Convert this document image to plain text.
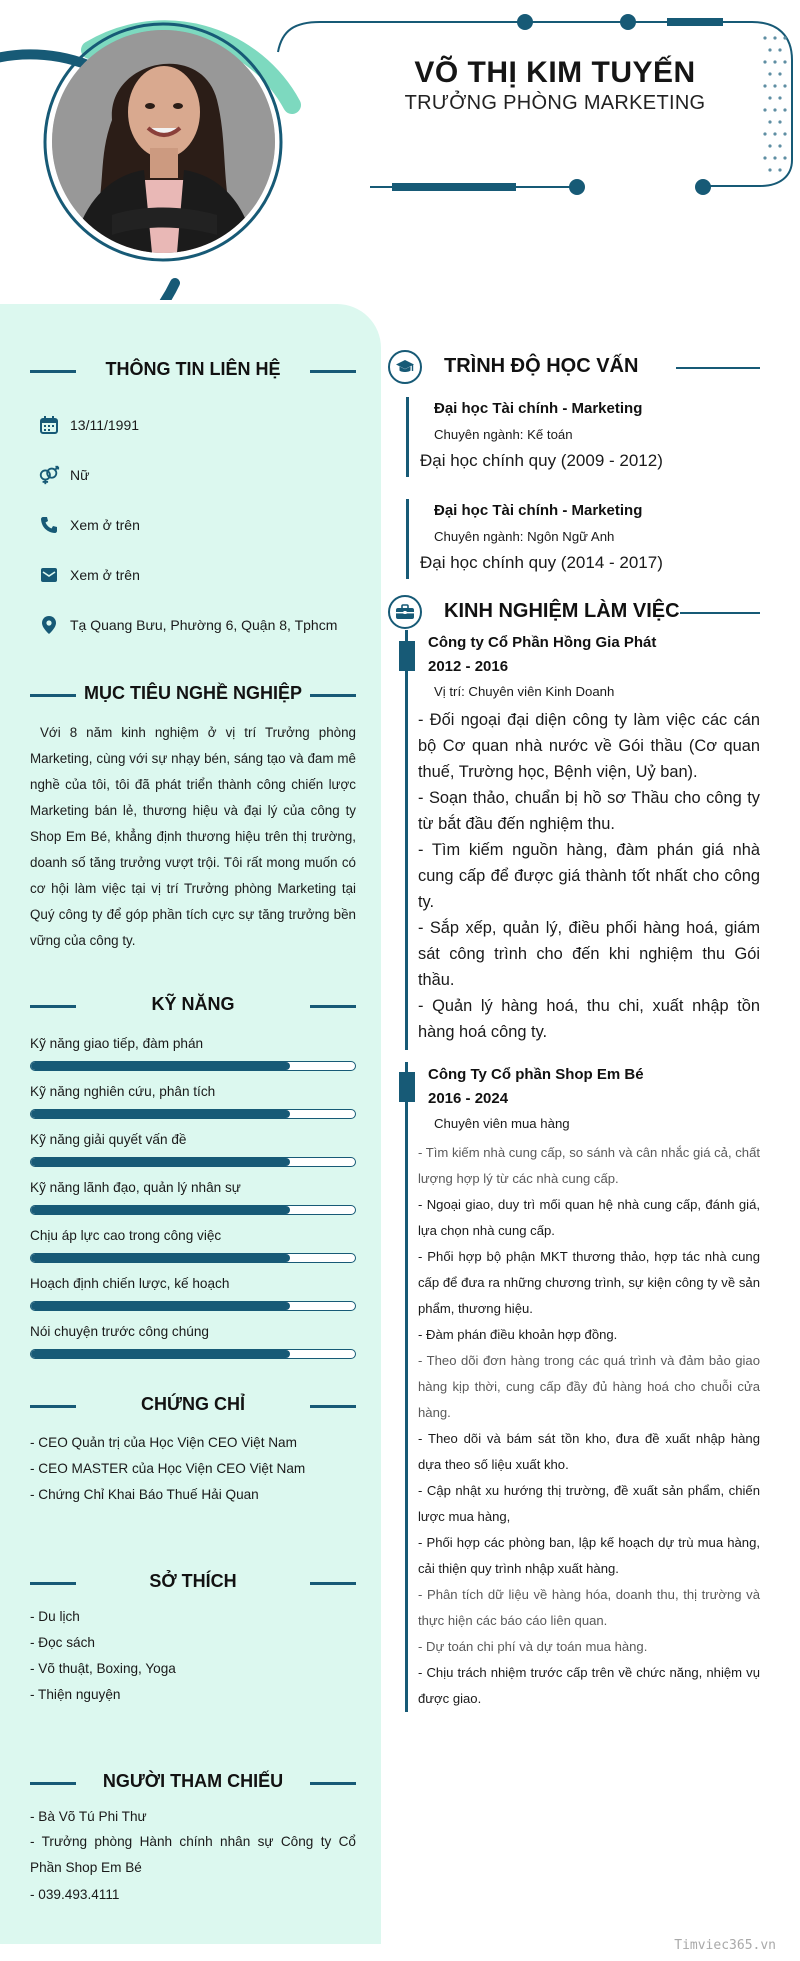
VÕ THỊ KIM TUYẾN
TRƯỞNG PHÒNG MARKETING
THÔNG TIN LIÊN HỆ
13/11/1991
Nữ
Xem ở trên
Xem ở trên
Tạ Quang Bưu, Phường 6, Quận 8, Tphcm
MỤC TIÊU NGHỀ NGHIỆP
Với 8 năm kinh nghiệm ở vị trí Trưởng phòng Marketing, cùng với sự nhạy bén, sáng tạo và đam mê nghề của tôi, tôi đã phát triển thành công chiến lược Marketing bán lẻ, thương hiệu và đại lý của công ty Shop Em Bé, khẳng định thương hiệu trên thị trường, doanh số tăng trưởng vượt trội. Tôi rất mong muốn có cơ hội làm việc tại vị trí Trưởng phòng Marketing tại Quý công ty để góp phần tích cực sự tăng trưởng bền vững của công ty.
KỸ NĂNG
Kỹ năng giao tiếp, đàm phán
Kỹ năng nghiên cứu, phân tích
Kỹ năng giải quyết vấn đề
Kỹ năng lãnh đạo, quản lý nhân sự
Chịu áp lực cao trong công việc
Hoạch định chiến lược, kế hoạch
Nói chuyện trước công chúng
CHỨNG CHỈ
- CEO Quản trị của Học Viện CEO Việt Nam
- CEO MASTER của Học Viện CEO Việt Nam
- Chứng Chỉ Khai Báo Thuế Hải Quan
SỞ THÍCH
- Du lịch
- Đọc sách
- Võ thuật, Boxing, Yoga
- Thiện nguyện
NGƯỜI THAM CHIẾU
- Bà Võ Tú Phi Thư
- Trưởng phòng Hành chính nhân sự Công ty Cổ Phần Shop Em Bé
- 039.493.4111
TRÌNH ĐỘ HỌC VẤN
Đại học Tài chính - Marketing
Chuyên ngành: Kế toán
Đại học chính quy (2009 - 2012)
Đại học Tài chính - Marketing
Chuyên ngành: Ngôn Ngữ Anh
Đại học chính quy (2014 - 2017)
KINH NGHIỆM LÀM VIỆC
Công ty Cổ Phần Hồng Gia Phát
2012 - 2016
Vị trí: Chuyên viên Kinh Doanh
- Đối ngoại đại diện công ty làm việc các cán bộ Cơ quan nhà nước về Gói thầu (Cơ quan thuế, Trường học, Bệnh viện, Uỷ ban).
- Soạn thảo, chuẩn bị hồ sơ Thầu cho công ty từ bắt đầu đến nghiệm thu.
- Tìm kiếm nguồn hàng, đàm phán giá nhà cung cấp để được giá thành tốt nhất cho công ty.
- Sắp xếp, quản lý, điều phối hàng hoá, giám sát công trình cho đến khi nghiệm thu Gói thầu.
- Quản lý hàng hoá, thu chi, xuất nhập tồn hàng hoá công ty.
Công Ty Cổ phần Shop Em Bé
2016 - 2024
Chuyên viên mua hàng
- Tìm kiếm nhà cung cấp, so sánh và cân nhắc giá cả, chất lượng hợp lý từ các nhà cung cấp.
- Ngoại giao, duy trì mối quan hệ nhà cung cấp, đánh giá, lựa chọn nhà cung cấp.
- Phối hợp bộ phận MKT thương thảo, hợp tác nhà cung cấp để đưa ra những chương trình, sự kiện công ty về sản phẩm, thương hiệu.
- Đàm phán điều khoản hợp đồng.
- Theo dõi đơn hàng trong các quá trình và đảm bảo giao hàng kịp thời, cung cấp đầy đủ hàng hoá cho chuỗi cửa hàng.
- Theo dõi và bám sát tồn kho, đưa đề xuất nhập hàng dựa theo số liệu xuất kho.
- Cập nhật xu hướng thị trường, đề xuất sản phẩm, chiến lược mua hàng,
- Phối hợp các phòng ban, lập kế hoạch dự trù mua hàng, cải thiện quy trình nhập xuất hàng.
- Phân tích dữ liệu về hàng hóa, doanh thu, thị trường và thực hiện các báo cáo liên quan.
- Dự toán chi phí và dự toán mua hàng.
- Chịu trách nhiệm trước cấp trên về chức năng, nhiệm vụ được giao.
Timviec365.vn
